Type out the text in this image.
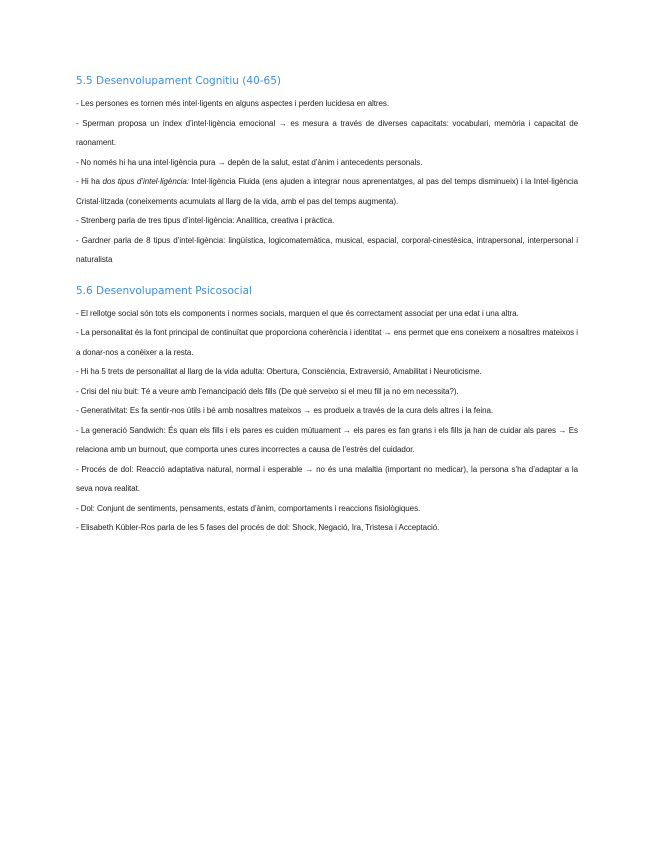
5.5 Desenvolupament Cognitiu (40-65)

- Les persones es tornen més intel·ligents en alguns aspectes i perden lucidesa en altres.

- Sperman proposa un índex d’intel·ligència emocional → es mesura a través de diverses capacitats: vocabulari, memòria i capacitat de raonament.

- No només hi ha una intel·ligència pura → depèn de la salut, estat d’ànim i antecedents personals.

- Hi ha dos tipus d’intel·ligència: Intel·ligència Fluida (ens ajuden a integrar nous aprenentatges, al pas del temps disminueix) i la Intel·ligència Cristal·litzada (coneixements acumulats al llarg de la vida, amb el pas del temps augmenta).

- Strenberg parla de tres tipus d’intel·ligència: Analítica, creativa i pràctica.

- Gardner parla de 8 tipus d’intel·ligència: lingüística, logicomatemàtica, musical, espacial, corporal-cinestèsica, intrapersonal, interpersonal i naturalista

5.6 Desenvolupament Psicosocial

- El rellotge social són tots els components i normes socials, marquen el que és correctament associat per una edat i una altra.

- La personalitat és la font principal de continuïtat que proporciona coherència i identitat → ens permet que ens coneixem a nosaltres mateixos i a donar-nos a conèixer a la resta.

- Hi ha 5 trets de personalitat al llarg de la vida adulta: Obertura, Consciència, Extraversió, Amabilitat i Neuroticisme.

- Crisi del niu buit: Té a veure amb l’emancipació dels fills (De què serveixo si el meu fill ja no em necessita?).

- Generativitat: Es fa sentir-nos útils i bé amb nosaltres mateixos → es produeix a través de la cura dels altres i la feina.

- La generació Sandwich: És quan els fills i els pares es cuiden mútuament → els pares es fan grans i els fills ja han de cuidar als pares → Es relaciona amb un burnout, que comporta unes cures incorrectes a causa de l’estrès del cuidador.

- Procés de dol: Reacció adaptativa natural, normal i esperable → no és una malaltia (important no medicar), la persona s’ha d’adaptar a la seva nova realitat.

- Dol: Conjunt de sentiments, pensaments, estats d’ànim, comportaments i reaccions fisiològiques.

- Elisabeth Kübler-Ros parla de les 5 fases del procés de dol: Shock, Negació, Ira, Tristesa i Acceptació.
